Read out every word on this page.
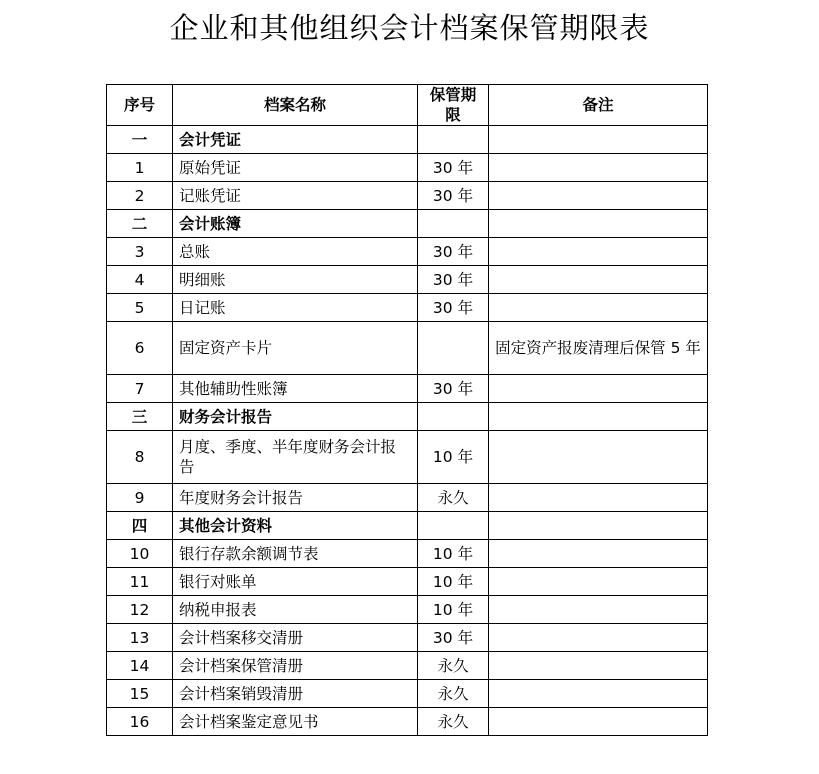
企业和其他组织会计档案保管期限表
序号	档案名称	保管期限	备注
一	会计凭证		
1	原始凭证	30 年	
2	记账凭证	30 年	
二	会计账簿		
3	总账	30 年	
4	明细账	30 年	
5	日记账	30 年	
6	固定资产卡片		固定资产报废清理后保管 5 年
7	其他辅助性账簿	30 年	
三	财务会计报告		
8	月度、季度、半年度财务会计报告	10 年	
9	年度财务会计报告	永久	
四	其他会计资料		
10	银行存款余额调节表	10 年	
11	银行对账单	10 年	
12	纳税申报表	10 年	
13	会计档案移交清册	30 年	
14	会计档案保管清册	永久	
15	会计档案销毁清册	永久	
16	会计档案鉴定意见书	永久	
